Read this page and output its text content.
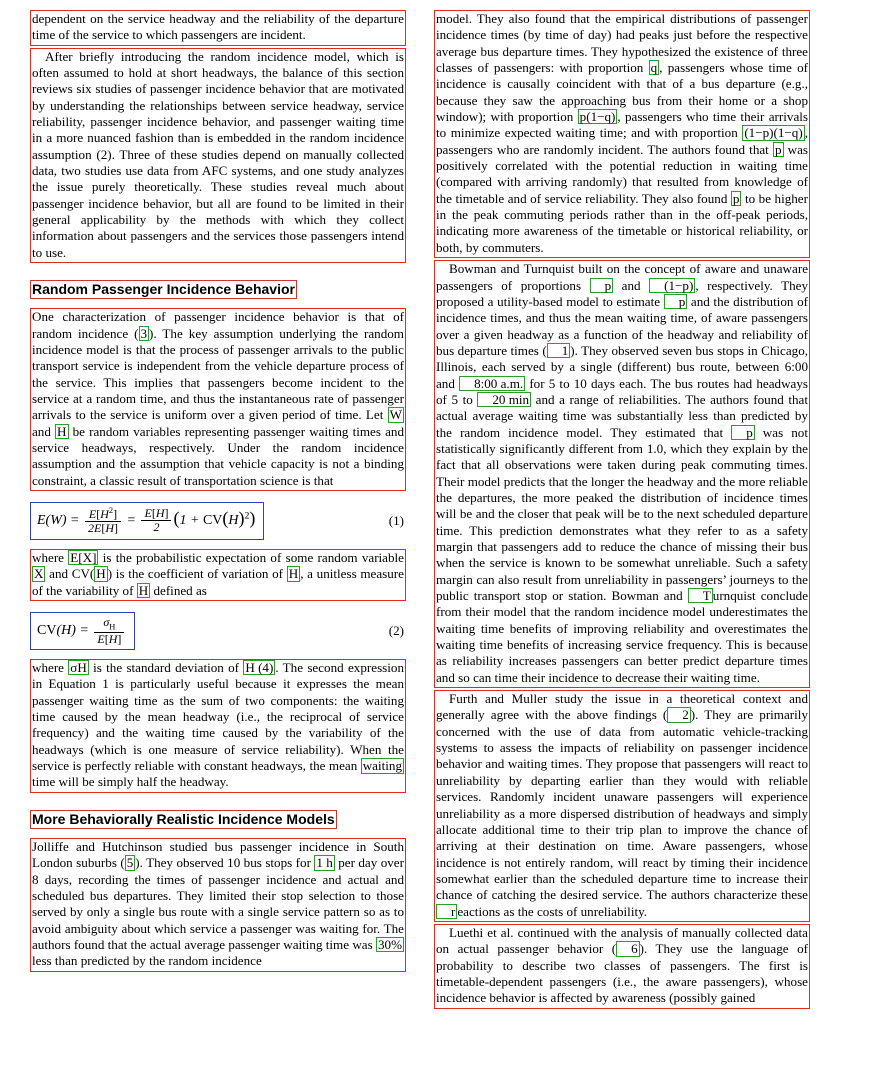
dependent on the service headway and the reliability of the departure time of the service to which passengers are incident.

After briefly introducing the random incidence model, which is often assumed to hold at short headways, the balance of this section reviews six studies of passenger incidence behavior that are motivated by understanding the relationships between service headway, service reliability, passenger incidence behavior, and passenger waiting time in a more nuanced fashion than is embedded in the random incidence assumption (2). Three of these studies depend on manually collected data, two studies use data from AFC systems, and one study analyzes the issue purely theoretically. These studies reveal much about passenger incidence behavior, but all are found to be limited in their general applicability by the methods with which they collect information about passengers and the services those passengers intend to use.

Random Passenger Incidence Behavior

One characterization of passenger incidence behavior is that of random incidence ( 3 ). The key assumption underlying the random incidence model is that the process of passenger arrivals to the public transport service is independent from the vehicle departure process of the service. This implies that passengers become incident to the service at a random time, and thus the instantaneous rate of passenger arrivals to the service is uniform over a given period of time. Let W and H be random variables representing passenger waiting times and service headways, respectively. Under the random incidence assumption and the assumption that vehicle capacity is not a binding constraint, a classic result of transportation science is that

$E(W) = \frac{E[H^2]}{2E[H]} = \frac{E[H]}{2} (1 + CV(H)^2)$	(1)

where E[X] is the probabilistic expectation of some random variable X and CV( H ) is the coefficient of variation of H , a unitless measure of the variability of H defined as

$CV(H) = \frac{\sigma_H}{E[H]}$	(2)

where σH is the standard deviation of H (4) . The second expression in Equation 1 is particularly useful because it expresses the mean passenger waiting time as the sum of two components: the waiting time caused by the mean headway (i.e., the reciprocal of service frequency) and the waiting time caused by the variability of the headways (which is one measure of service reliability). When the service is perfectly reliable with constant headways, the mean waiting time will be simply half the headway.

More Behaviorally Realistic Incidence Models

Jolliffe and Hutchinson studied bus passenger incidence in South London suburbs ( 5 ). They observed 10 bus stops for 1 h per day over 8 days, recording the times of passenger incidence and actual and scheduled bus departures. They limited their stop selection to those served by only a single bus route with a single service pattern so as to avoid ambiguity about which service a passenger was waiting for. The authors found that the actual average passenger waiting time was 30% less than predicted by the random incidence

model. They also found that the empirical distributions of passenger incidence times (by time of day) had peaks just before the respective average bus departure times. They hypothesized the existence of three classes of passengers: with proportion q , passengers whose time of incidence is causally coincident with that of a bus departure (e.g., because they saw the approaching bus from their home or a shop window); with proportion p(1−q) , passengers who time their arrivals to minimize expected waiting time; and with proportion (1−p)(1−q) , passengers who are randomly incident. The authors found that p was positively correlated with the potential reduction in waiting time (compared with arriving randomly) that resulted from knowledge of the timetable and of service reliability. They also found p to be higher in the peak commuting periods rather than in the off-peak periods, indicating more awareness of the timetable or historical reliability, or both, by commuters.

Bowman and Turnquist built on the concept of aware and unaware passengers of proportions p and (1−p) , respectively. They proposed a utility-based model to estimate p and the distribution of incidence times, and thus the mean waiting time, of aware passengers over a given headway as a function of the headway and reliability of bus departure times ( 1 ). They observed seven bus stops in Chicago, Illinois, each served by a single (different) bus route, between 6:00 and 8:00 a.m. for 5 to 10 days each. The bus routes had headways of 5 to 20 min and a range of reliabilities. The authors found that actual average waiting time was substantially less than predicted by the random incidence model. They estimated that p was not statistically significantly different from 1.0, which they explain by the fact that all observations were taken during peak commuting times. Their model predicts that the longer the headway and the more reliable the departures, the more peaked the distribution of incidence times will be and the closer that peak will be to the next scheduled departure time. This prediction demonstrates what they refer to as a safety margin that passengers add to reduce the chance of missing their bus when the service is known to be somewhat unreliable. Such a safety margin can also result from unreliability in passengers’ journeys to the public transport stop or station. Bowman and T urnquist conclude from their model that the random incidence model underestimates the waiting time benefits of improving reliability and overestimates the waiting time benefits of increasing service frequency. This is because as reliability increases passengers can better predict departure times and so can time their incidence to decrease their waiting time.

Furth and Muller study the issue in a theoretical context and generally agree with the above findings ( 2 ). They are primarily concerned with the use of data from automatic vehicle-tracking systems to assess the impacts of reliability on passenger incidence behavior and waiting times. They propose that passengers will react to unreliability by departing earlier than they would with reliable services. Randomly incident unaware passengers will experience unreliability as a more dispersed distribution of headways and simply allocate additional time to their trip plan to improve the chance of arriving at their destination on time. Aware passengers, whose incidence is not entirely random, will react by timing their incidence somewhat earlier than the scheduled departure time to increase their chance of catching the desired service. The authors characterize these r eactions as the costs of unreliability.

Luethi et al. continued with the analysis of manually collected data on actual passenger behavior ( 6 ). They use the language of probability to describe two classes of passengers. The first is timetable-dependent passengers (i.e., the aware passengers), whose incidence behavior is affected by awareness (possibly gained
